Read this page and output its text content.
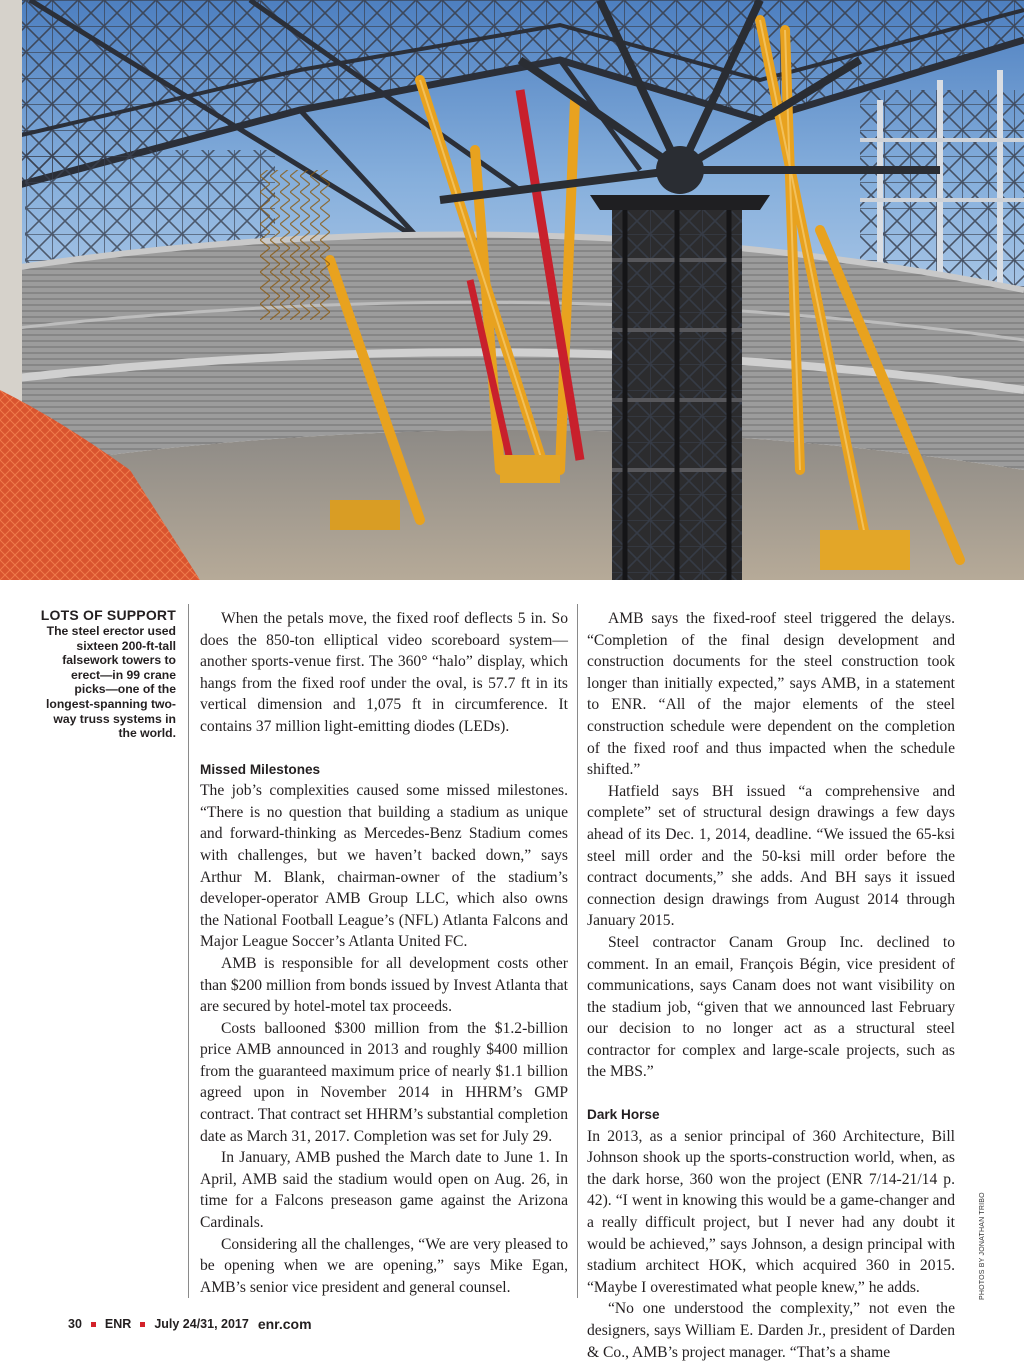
LOTS OF SUPPORT
The steel erector used sixteen 200-ft-tall falsework towers to erect—in 99 crane picks—one of the longest-spanning two-way truss systems in the world.

When the petals move, the fixed roof deflects 5 in. So does the 850-ton elliptical video scoreboard system—another sports-venue first. The 360° “halo” display, which hangs from the fixed roof under the oval, is 57.7 ft in its vertical dimension and 1,075 ft in circumference. It contains 37 million light-emitting diodes (LEDs).

Missed Milestones

The job’s complexities caused some missed milestones. “There is no question that building a stadium as unique and forward-thinking as Mercedes-Benz Stadium comes with challenges, but we haven’t backed down,” says Arthur M. Blank, chairman-owner of the stadium’s developer-operator AMB Group LLC, which also owns the National Football League’s (NFL) Atlanta Falcons and Major League Soccer’s Atlanta United FC.

AMB is responsible for all development costs other than $200 million from bonds issued by Invest Atlanta that are secured by hotel-motel tax proceeds.

Costs ballooned $300 million from the $1.2-billion price AMB announced in 2013 and roughly $400 million from the guaranteed maximum price of nearly $1.1 billion agreed upon in November 2014 in HHRM’s GMP contract. That contract set HHRM’s substantial completion date as March 31, 2017. Completion was set for July 29.

In January, AMB pushed the March date to June 1. In April, AMB said the stadium would open on Aug. 26, in time for a Falcons preseason game against the Arizona Cardinals.

Considering all the challenges, “We are very pleased to be opening when we are opening,” says Mike Egan, AMB’s senior vice president and general counsel.

AMB says the fixed-roof steel triggered the delays. “Completion of the final design development and construction documents for the steel construction took longer than initially expected,” says AMB, in a statement to ENR. “All of the major elements of the steel construction schedule were dependent on the completion of the fixed roof and thus impacted when the schedule shifted.”

Hatfield says BH issued “a comprehensive and complete” set of structural design drawings a few days ahead of its Dec. 1, 2014, deadline. “We issued the 65-ksi steel mill order and the 50-ksi mill order before the contract documents,” she adds. And BH says it issued connection design drawings from August 2014 through January 2015.

Steel contractor Canam Group Inc. declined to comment. In an email, François Bégin, vice president of communications, says Canam does not want visibility on the stadium job, “given that we announced last February our decision to no longer act as a structural steel contractor for complex and large-scale projects, such as the MBS.”

Dark Horse

In 2013, as a senior principal of 360 Architecture, Bill Johnson shook up the sports-construction world, when, as the dark horse, 360 won the project (ENR 7/14-21/14 p. 42). “I went in knowing this would be a game-changer and a really difficult project, but I never had any doubt it would be achieved,” says Johnson, a design principal with stadium architect HOK, which acquired 360 in 2015. “Maybe I overestimated what people knew,” he adds.

“No one understood the complexity,” not even the designers, says William E. Darden Jr., president of Darden & Co., AMB’s project manager. “That’s a shame

PHOTOS BY JONATHAN TRIBO
30 ENR July 24/31, 2017 enr.com
